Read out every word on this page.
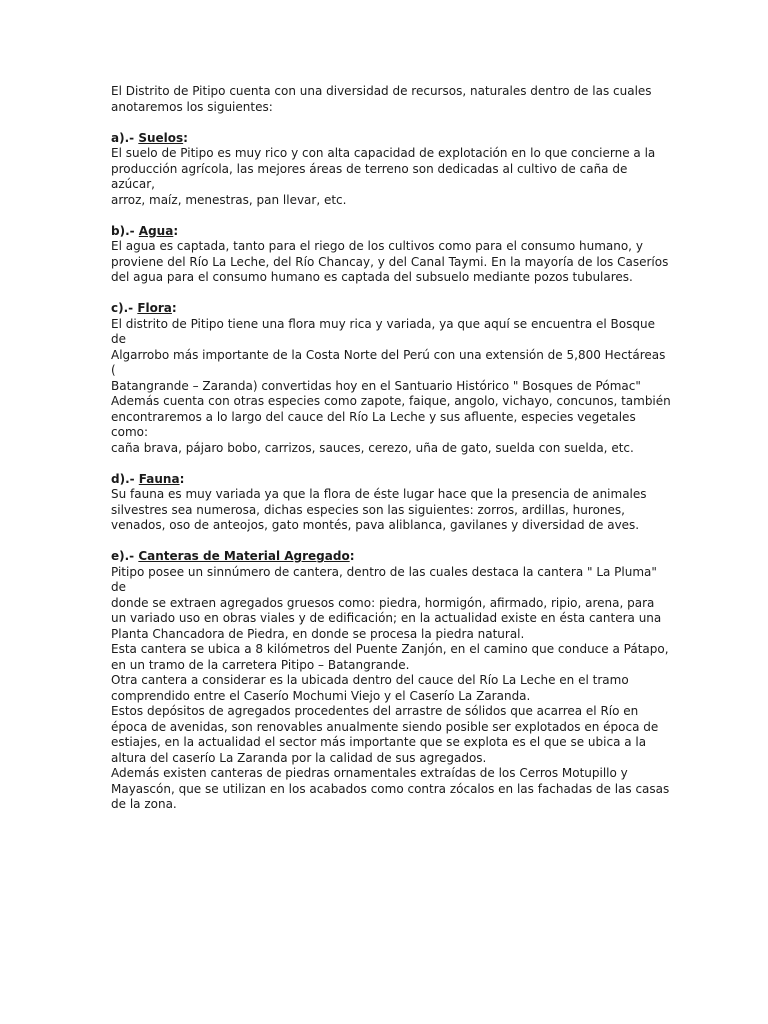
El Distrito de Pitipo cuenta con una diversidad de recursos, naturales dentro de las cuales
anotaremos los siguientes:

a).- Suelos:

El suelo de Pitipo es muy rico y con alta capacidad de explotación en lo que concierne a la
producción agrícola, las mejores áreas de terreno son dedicadas al cultivo de caña de azúcar,
arroz, maíz, menestras, pan llevar, etc.

b).- Agua:

El agua es captada, tanto para el riego de los cultivos como para el consumo humano, y
proviene del Río La Leche, del Río Chancay, y del Canal Taymi. En la mayoría de los Caseríos
del agua para el consumo humano es captada del subsuelo mediante pozos tubulares.

c).- Flora:

El distrito de Pitipo tiene una flora muy rica y variada, ya que aquí se encuentra el Bosque de
Algarrobo más importante de la Costa Norte del Perú con una extensión de 5,800 Hectáreas (
Batangrande – Zaranda) convertidas hoy en el Santuario Histórico " Bosques de Pómac"
Además cuenta con otras especies como zapote, faique, angolo, vichayo, concunos, también
encontraremos a lo largo del cauce del Río La Leche y sus afluente, especies vegetales como:
caña brava, pájaro bobo, carrizos, sauces, cerezo, uña de gato, suelda con suelda, etc.

d).- Fauna:

Su fauna es muy variada ya que la flora de éste lugar hace que la presencia de animales
silvestres sea numerosa, dichas especies son las siguientes: zorros, ardillas, hurones,
venados, oso de anteojos, gato montés, pava aliblanca, gavilanes y diversidad de aves.

e).- Canteras de Material Agregado:

Pitipo posee un sinnúmero de cantera, dentro de las cuales destaca la cantera " La Pluma" de
donde se extraen agregados gruesos como: piedra, hormigón, afirmado, ripio, arena, para
un variado uso en obras viales y de edificación; en la actualidad existe en ésta cantera una
Planta Chancadora de Piedra, en donde se procesa la piedra natural.
Esta cantera se ubica a 8 kilómetros del Puente Zanjón, en el camino que conduce a Pátapo,
en un tramo de la carretera Pitipo – Batangrande.
Otra cantera a considerar es la ubicada dentro del cauce del Río La Leche en el tramo
comprendido entre el Caserío Mochumi Viejo y el Caserío La Zaranda.
Estos depósitos de agregados procedentes del arrastre de sólidos que acarrea el Río en
época de avenidas, son renovables anualmente siendo posible ser explotados en época de
estiajes, en la actualidad el sector más importante que se explota es el que se ubica a la
altura del caserío La Zaranda por la calidad de sus agregados.
Además existen canteras de piedras ornamentales extraídas de los Cerros Motupillo y
Mayascón, que se utilizan en los acabados como contra zócalos en las fachadas de las casas
de la zona.
